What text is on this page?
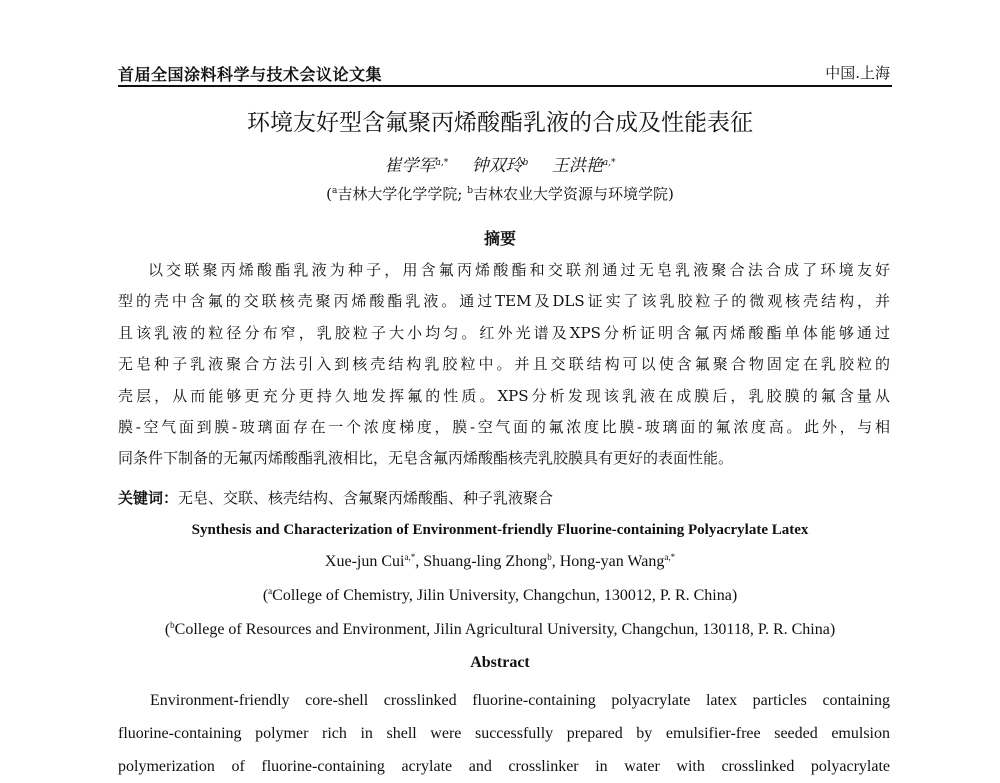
首届全国涂料科学与技术会议论文集	中国.上海
环境友好型含氟聚丙烯酸酯乳液的合成及性能表征
崔学军$^{a,*}$ 钟双玲$^b$ 王洪艳$^{a,*}$
($^a$吉林大学化学学院; $^b$吉林农业大学资源与环境学院)
摘要
以交联聚丙烯酸酯乳液为种子，用含氟丙烯酸酯和交联剂通过无皂乳液聚合法合成了环境友好
型的壳中含氟的交联核壳聚丙烯酸酯乳液。通过TEM及DLS证实了该乳胶粒子的微观核壳结构，并
且该乳液的粒径分布窄，乳胶粒子大小均匀。红外光谱及XPS分析证明含氟丙烯酸酯单体能够通过
无皂种子乳液聚合方法引入到核壳结构乳胶粒中。并且交联结构可以使含氟聚合物固定在乳胶粒的
壳层，从而能够更充分更持久地发挥氟的性质。XPS分析发现该乳液在成膜后，乳胶膜的氟含量从
膜-空气面到膜-玻璃面存在一个浓度梯度，膜-空气面的氟浓度比膜-玻璃面的氟浓度高。此外，与相
同条件下制备的无氟丙烯酸酯乳液相比，无皂含氟丙烯酸酯核壳乳胶膜具有更好的表面性能。
关键词：无皂、交联、核壳结构、含氟聚丙烯酸酯、种子乳液聚合
Synthesis and Characterization of Environment-friendly Fluorine-containing Polyacrylate Latex
Xue-jun Cui$^{a,*}$, Shuang-ling Zhong$^b$, Hong-yan Wang$^{a,*}$
($^a$College of Chemistry, Jilin University, Changchun, 130012, P. R. China)
($^b$College of Resources and Environment, Jilin Agricultural University, Changchun, 130118, P. R. China)
Abstract
Environment-friendly core-shell crosslinked fluorine-containing polyacrylate latex particles containing
fluorine-containing polymer rich in shell were successfully prepared by emulsifier-free seeded emulsion
polymerization of fluorine-containing acrylate and crosslinker in water with crosslinked polyacrylate
